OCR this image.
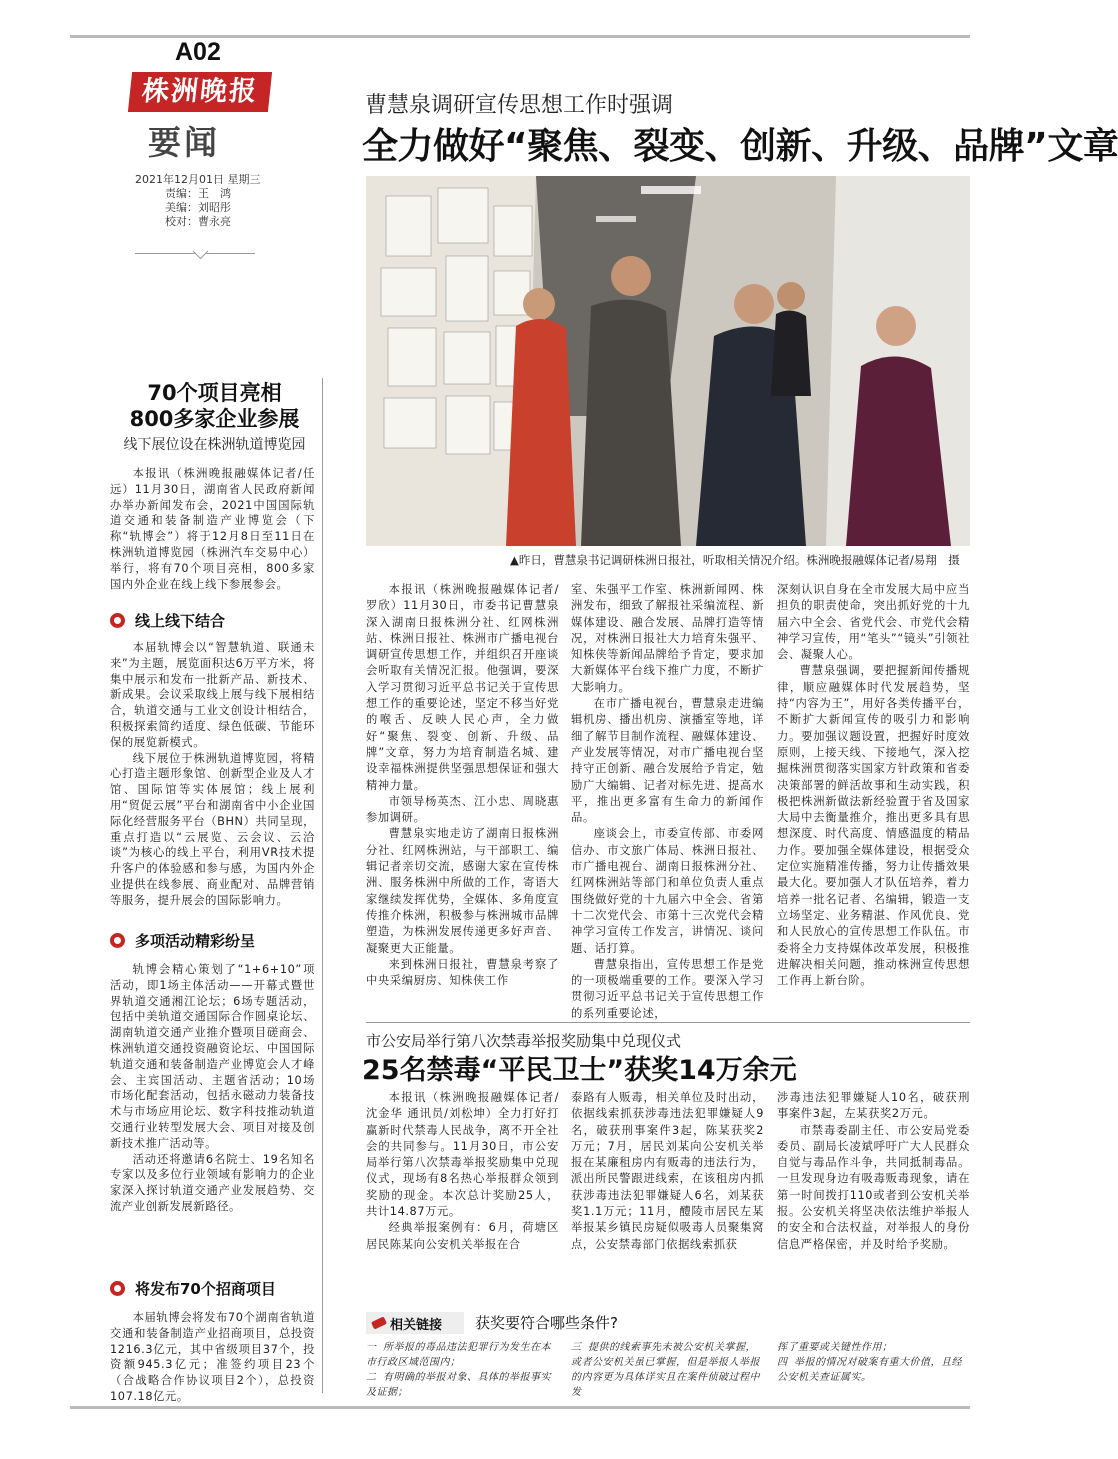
A02
株洲晚报
要闻
2021年12月01日 星期三
责编：王　鸿
美编：刘昭彤
校对：曹永亮
曹慧泉调研宣传思想工作时强调
全力做好“聚焦、裂变、创新、升级、品牌”文章
▲昨日，曹慧泉书记调研株洲日报社，听取相关情况介绍。株洲晚报融媒体记者/易翔　摄

本报讯（株洲晚报融媒体记者/罗欣）11月30日，市委书记曹慧泉深入湖南日报株洲分社、红网株洲站、株洲日报社、株洲市广播电视台调研宣传思想工作，并组织召开座谈会听取有关情况汇报。他强调，要深入学习贯彻习近平总书记关于宣传思想工作的重要论述，坚定不移当好党的喉舌、反映人民心声，全力做好“聚焦、裂变、创新、升级、品牌”文章，努力为培育制造名城、建设幸福株洲提供坚强思想保证和强大精神力量。

市领导杨英杰、江小忠、周晓惠参加调研。

曹慧泉实地走访了湖南日报株洲分社、红网株洲站，与干部职工、编辑记者亲切交流，感谢大家在宣传株洲、服务株洲中所做的工作，寄语大家继续发挥优势，全媒体、多角度宣传推介株洲，积极参与株洲城市品牌塑造，为株洲发展传递更多好声音、凝聚更大正能量。

来到株洲日报社，曹慧泉考察了中央采编厨房、知株侠工作

室、朱强平工作室、株洲新闻网、株洲发布，细致了解报社采编流程、新媒体建设、融合发展、品牌打造等情况，对株洲日报社大力培育朱强平、知株侠等新闻品牌给予肯定，要求加大新媒体平台线下推广力度，不断扩大影响力。

在市广播电视台，曹慧泉走进编辑机房、播出机房、演播室等地，详细了解节目制作流程、融媒体建设、产业发展等情况，对市广播电视台坚持守正创新、融合发展给予肯定，勉励广大编辑、记者对标先进、提高水平，推出更多富有生命力的新闻作品。

座谈会上，市委宣传部、市委网信办、市文旅广体局、株洲日报社、市广播电视台、湖南日报株洲分社、红网株洲站等部门和单位负责人重点围绕做好党的十九届六中全会、省第十二次党代会、市第十三次党代会精神学习宣传工作发言，讲情况、谈问题、话打算。

曹慧泉指出，宣传思想工作是党的一项极端重要的工作。要深入学习贯彻习近平总书记关于宣传思想工作的系列重要论述，

深刻认识自身在全市发展大局中应当担负的职责使命，突出抓好党的十九届六中全会、省党代会、市党代会精神学习宣传，用“笔头”“镜头”引领社会、凝聚人心。

曹慧泉强调，要把握新闻传播规律，顺应融媒体时代发展趋势，坚持“内容为王”，用好各类传播平台，不断扩大新闻宣传的吸引力和影响力。要加强议题设置，把握好时度效原则，上接天线、下接地气，深入挖掘株洲贯彻落实国家方针政策和省委决策部署的鲜活故事和生动实践，积极把株洲新做法新经验置于省及国家大局中去衡量推介，推出更多具有思想深度、时代高度、情感温度的精品力作。要加强全媒体建设，根据受众定位实施精准传播，努力让传播效果最大化。要加强人才队伍培养，着力培养一批名记者、名编辑，锻造一支立场坚定、业务精湛、作风优良、党和人民放心的宣传思想工作队伍。市委将全力支持媒体改革发展，积极推进解决相关问题，推动株洲宣传思想工作再上新台阶。

70个项目亮相
800多家企业参展
线下展位设在株洲轨道博览园

本报讯（株洲晚报融媒体记者/任远）11月30日，湖南省人民政府新闻办举办新闻发布会，2021中国国际轨道交通和装备制造产业博览会（下称“轨博会”）将于12月8日至11日在株洲轨道博览园（株洲汽车交易中心）举行，将有70个项目亮相，800多家国内外企业在线上线下参展参会。

线上线下结合

本届轨博会以“智慧轨道、联通未来”为主题，展览面积达6万平方米，将集中展示和发布一批新产品、新技术、新成果。会议采取线上展与线下展相结合，轨道交通与工业文创设计相结合，积极探索简约适度、绿色低碳、节能环保的展览新模式。

线下展位于株洲轨道博览园，将精心打造主题形象馆、创新型企业及人才馆、国际馆等实体展馆；线上展利用“贸促云展”平台和湖南省中小企业国际化经营服务平台（BHN）共同呈现，重点打造以“云展览、云会议、云洽谈”为核心的线上平台，利用VR技术提升客户的体验感和参与感，为国内外企业提供在线参展、商业配对、品牌营销等服务，提升展会的国际影响力。

多项活动精彩纷呈

轨博会精心策划了“1+6+10”项活动，即1场主体活动——开幕式暨世界轨道交通湘江论坛；6场专题活动，包括中美轨道交通国际合作圆桌论坛、湖南轨道交通产业推介暨项目磋商会、株洲轨道交通投资融资论坛、中国国际轨道交通和装备制造产业博览会人才峰会、主宾国活动、主题省活动；10场市场化配套活动，包括永磁动力装备技术与市场应用论坛、数字科技推动轨道交通行业转型发展大会、项目对接及创新技术推广活动等。

活动还将邀请6名院士、19名知名专家以及多位行业领域有影响力的企业家深入探讨轨道交通产业发展趋势、交流产业创新发展新路径。

将发布70个招商项目

本届轨博会将发布70个湖南省轨道交通和装备制造产业招商项目，总投资1216.3亿元，其中省级项目37个，投资额945.3亿元；准签约项目23个（合战略合作协议项目2个），总投资107.18亿元。

市公安局举行第八次禁毒举报奖励集中兑现仪式
25名禁毒“平民卫士”获奖14万余元

本报讯（株洲晚报融媒体记者/沈金华 通讯员/刘松坤）全力打好打赢新时代禁毒人民战争，离不开全社会的共同参与。11月30日，市公安局举行第八次禁毒举报奖励集中兑现仪式，现场有8名热心举报群众领到奖励的现金。本次总计奖励25人，共计14.87万元。

经典举报案例有：6月，荷塘区居民陈某向公安机关举报在合

泰路有人贩毒，相关单位及时出动，依据线索抓获涉毒违法犯罪嫌疑人9名，破获刑事案件3起，陈某获奖2万元；7月，居民刘某向公安机关举报在某廉租房内有贩毒的违法行为，派出所民警跟进线索，在该租房内抓获涉毒违法犯罪嫌疑人6名，刘某获奖1.1万元；11月，醴陵市居民左某举报某乡镇民房疑似吸毒人员聚集窝点，公安禁毒部门依据线索抓获

涉毒违法犯罪嫌疑人10名，破获刑事案件3起，左某获奖2万元。

市禁毒委副主任、市公安局党委委员、副局长凌斌呼吁广大人民群众自觉与毒品作斗争，共同抵制毒品。一旦发现身边有吸毒贩毒现象，请在第一时间拨打110或者到公安机关举报。公安机关将坚决依法维护举报人的安全和合法权益，对举报人的身份信息严格保密，并及时给予奖励。

相关链接 获奖要符合哪些条件?

一 所举报的毒品违法犯罪行为发生在本市行政区域范围内；

二 有明确的举报对象、具体的举报事实及证据；

三 提供的线索事先未被公安机关掌握，或者公安机关虽已掌握，但是举报人举报的内容更为具体详实且在案件侦破过程中发

挥了重要或关键性作用；

四 举报的情况对破案有重大价值，且经公安机关查证属实。
